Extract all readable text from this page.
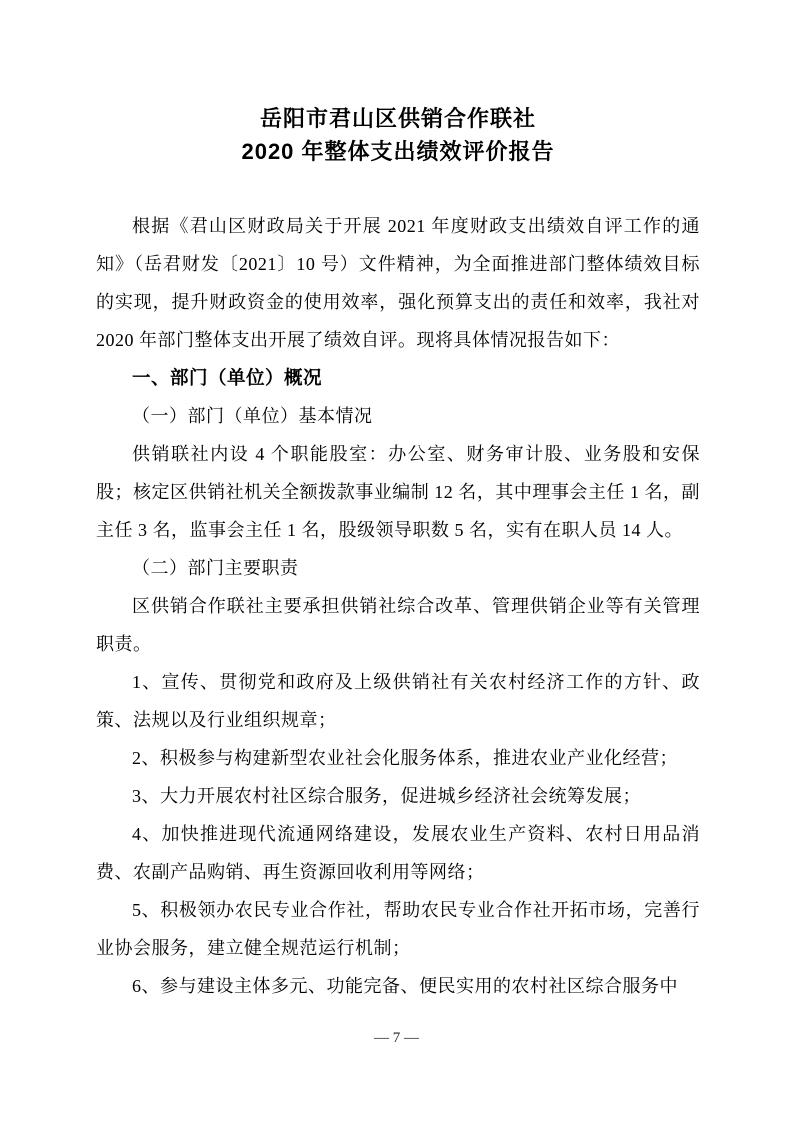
岳阳市君山区供销合作联社
2020 年整体支出绩效评价报告

根据《君山区财政局关于开展 2021 年度财政支出绩效自评工作的通知》（岳君财发〔2021〕10 号）文件精神，为全面推进部门整体绩效目标的实现，提升财政资金的使用效率，强化预算支出的责任和效率，我社对 2020 年部门整体支出开展了绩效自评。现将具体情况报告如下：

一、部门（单位）概况

（一）部门（单位）基本情况

供销联社内设 4 个职能股室：办公室、财务审计股、业务股和安保股；核定区供销社机关全额拨款事业编制 12 名，其中理事会主任 1 名，副主任 3 名，监事会主任 1 名，股级领导职数 5 名，实有在职人员 14 人。

（二）部门主要职责

区供销合作联社主要承担供销社综合改革、管理供销企业等有关管理职责。

1、宣传、贯彻党和政府及上级供销社有关农村经济工作的方针、政策、法规以及行业组织规章；

2、积极参与构建新型农业社会化服务体系，推进农业产业化经营；

3、大力开展农村社区综合服务，促进城乡经济社会统筹发展；

4、加快推进现代流通网络建设，发展农业生产资料、农村日用品消费、农副产品购销、再生资源回收利用等网络；

5、积极领办农民专业合作社，帮助农民专业合作社开拓市场，完善行业协会服务，建立健全规范运行机制；

6、参与建设主体多元、功能完备、便民实用的农村社区综合服务中

— 7 —
